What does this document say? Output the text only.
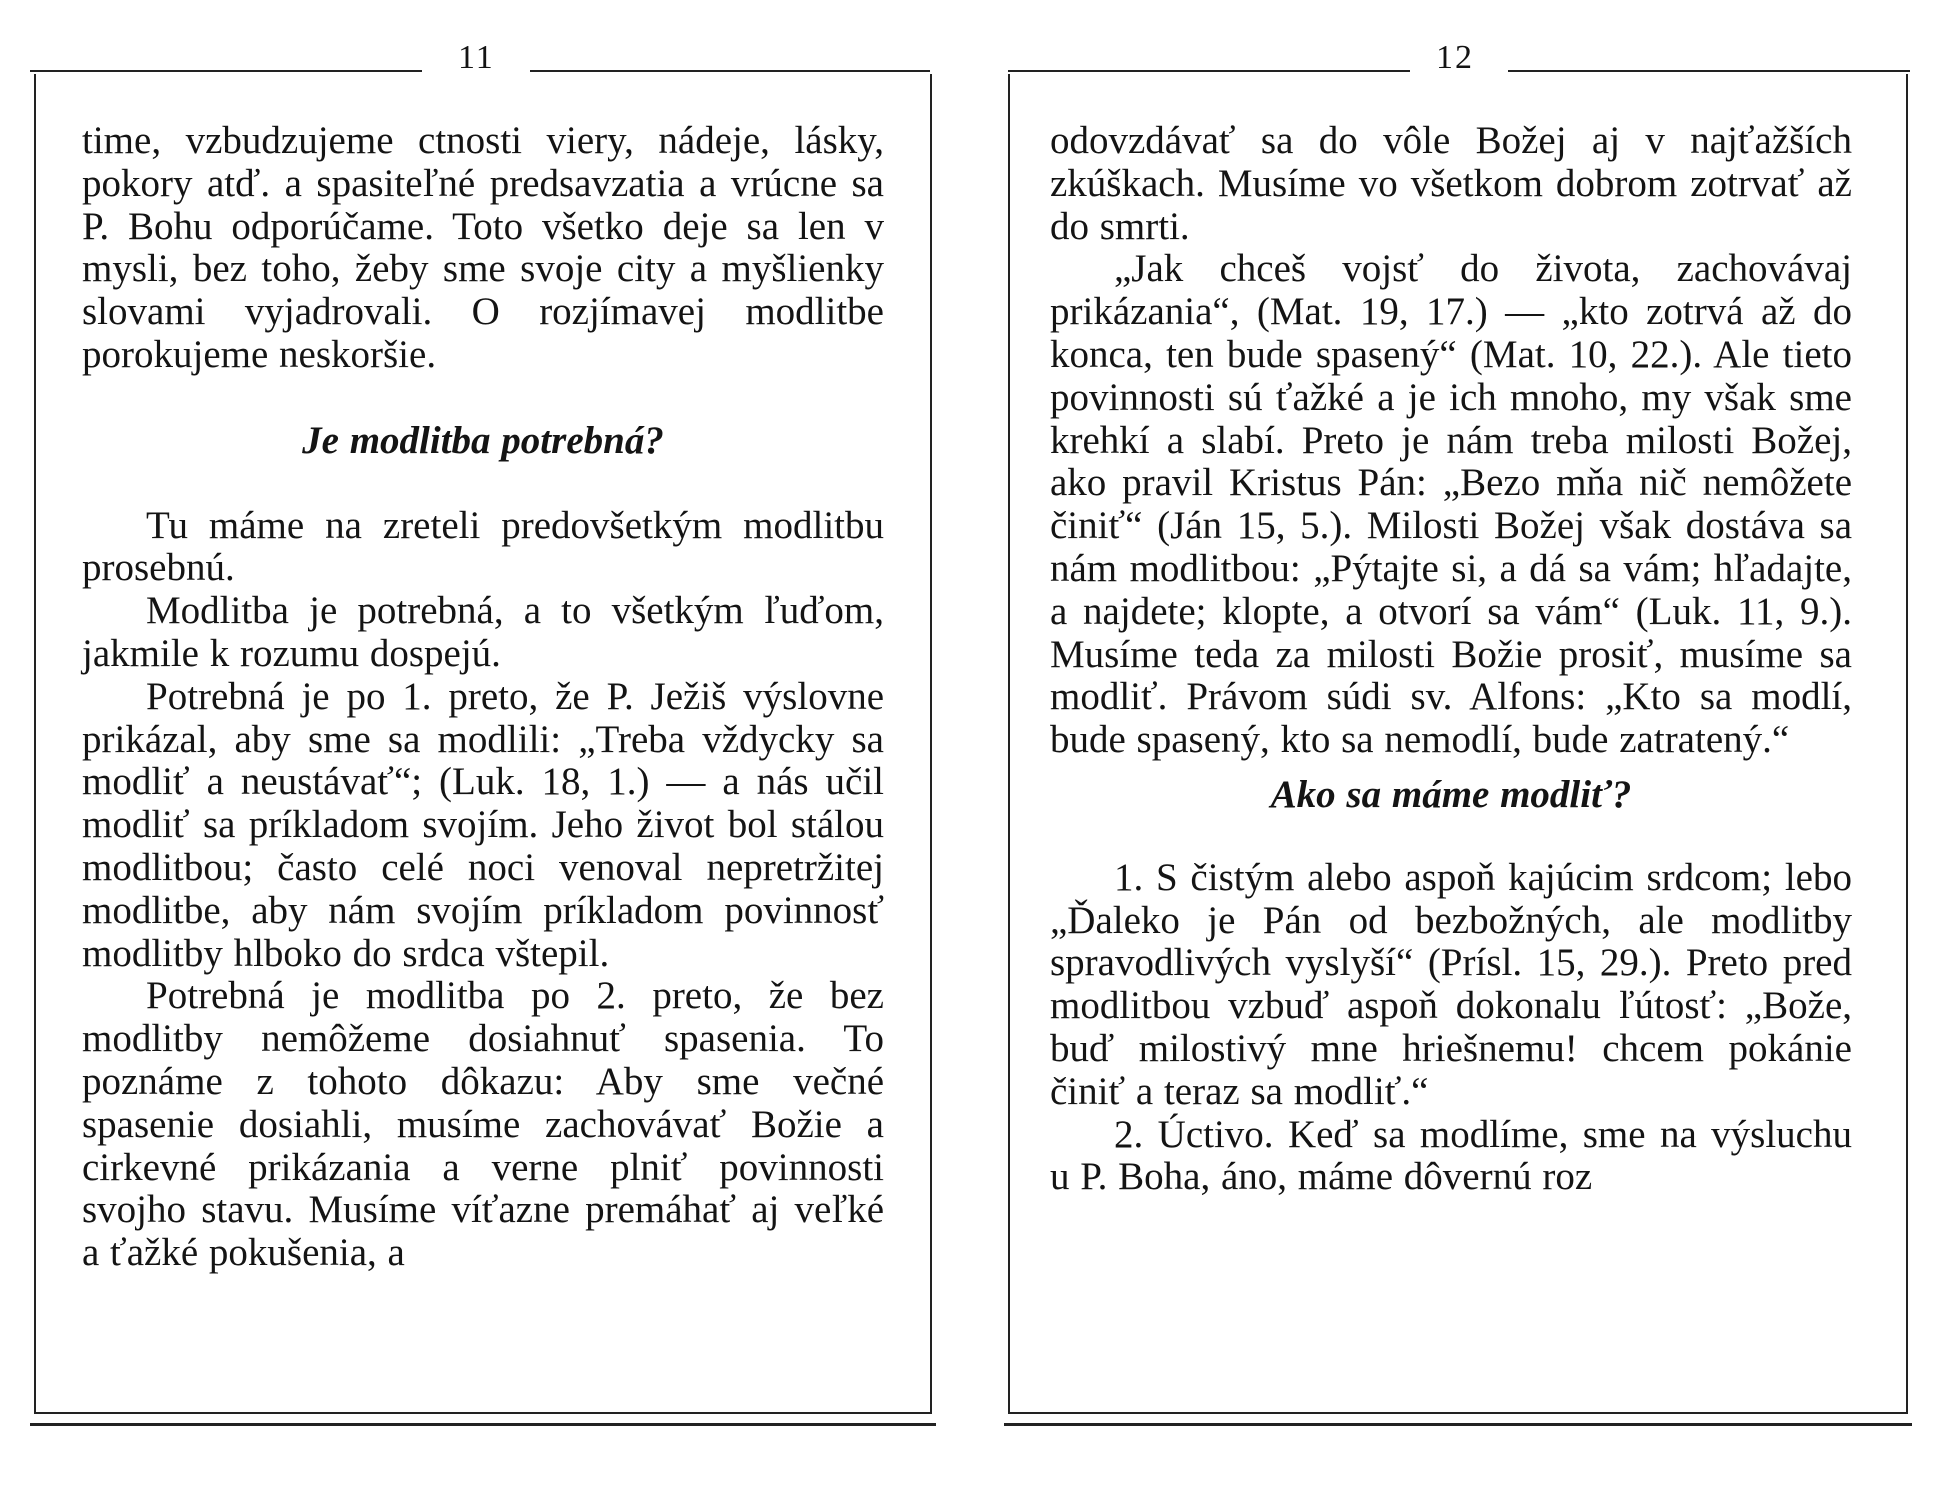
11

time, vzbudzujeme ctnosti viery, nádeje, lásky, pokory atď. a spasiteľné predsavzatia a vrúcne sa P. Bohu odporúčame. Toto všetko deje sa len v mysli, bez toho, žeby sme svoje city a myšlienky slovami vyjadrovali. O rozjímavej modlitbe porokujeme neskoršie.

Je modlitba potrebná?

Tu máme na zreteli predovšetkým modlitbu prosebnú.

Modlitba je potrebná, a to všetkým ľuďom, jakmile k rozumu dospejú.

Potrebná je po 1. preto, že P. Ježiš výslovne prikázal, aby sme sa modlili: „Treba vždycky sa modliť a neustávať“; (Luk. 18, 1.) — a nás učil modliť sa príkladom svojím. Jeho život bol stálou modlitbou; často celé noci venoval nepretržitej modlitbe, aby nám svojím príkladom povinnosť modlitby hlboko do srdca vštepil.

Potrebná je modlitba po 2. preto, že bez modlitby nemôžeme dosiahnuť spasenia. To poznáme z tohoto dôkazu: Aby sme večné spasenie dosiahli, musíme zachovávať Božie a cirkevné prikázania a verne plniť povinnosti svojho stavu. Musíme víťazne premáhať aj veľké a ťažké pokušenia, a

12

odovzdávať sa do vôle Božej aj v najťažších zkúškach. Musíme vo všetkom dobrom zotrvať až do smrti.

„Jak chceš vojsť do života, zachovávaj prikázania“, (Mat. 19, 17.) — „kto zotrvá až do konca, ten bude spasený“ (Mat. 10, 22.). Ale tieto povinnosti sú ťažké a je ich mnoho, my však sme krehkí a slabí. Preto je nám treba milosti Božej, ako pravil Kristus Pán: „Bezo mňa nič nemôžete činiť“ (Ján 15, 5.). Milosti Božej však dostáva sa nám modlitbou: „Pýtajte si, a dá sa vám; hľadajte, a najdete; klopte, a otvorí sa vám“ (Luk. 11, 9.). Musíme teda za milosti Božie prosiť, musíme sa modliť. Právom súdi sv. Alfons: „Kto sa modlí, bude spasený, kto sa nemodlí, bude zatratený.“

Ako sa máme modliť?

1. S čistým alebo aspoň kajúcim srdcom; lebo „Ďaleko je Pán od bezbožných, ale modlitby spravodlivých vyslyší“ (Prísl. 15, 29.). Preto pred modlitbou vzbuď aspoň dokonalu ľútosť: „Bože, buď milostivý mne hriešnemu! chcem pokánie činiť a teraz sa modliť.“

2. Úctivo. Keď sa modlíme, sme na výsluchu u P. Boha, áno, máme dôvernú roz
